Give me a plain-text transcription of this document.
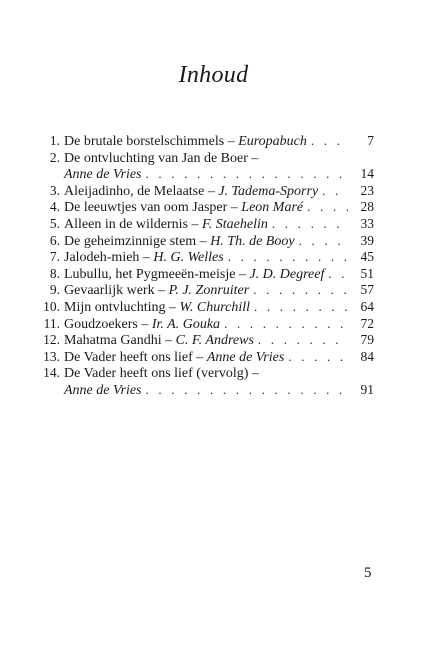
Inhoud
1. De brutale borstelschimmels –
Europabuch . . .	7
2. De ontvluchting van Jan de Boer –
Anne de Vries . . .	14
3. Aleijadinho, de Melaatse –
J. Tadema-Sporry . . .	23
4. De leeuwtjes van oom Jasper –
Leon Maré . . .	28
5. Alleen in de wildernis –
F. Staehelin . . .	33
6. De geheimzinnige stem –
H. Th. de Booy . . .	39
7. Jalodeh-mieh –
H. G. Welles . . .	45
8. Lubullu, het Pygmeeën-meisje –
J. D. Degreef . . .	51
9. Gevaarlijk werk –
P. J. Zonruiter . . .	57
10. Mijn ontvluchting –
W. Churchill . . .	64
11. Goudzoekers –
Ir. A. Gouka . . .	72
12. Mahatma Gandhi –
C. F. Andrews . . .	79
13. De Vader heeft ons lief –
Anne de Vries . . .	84
14. De Vader heeft ons lief (vervolg) –
Anne de Vries . . .	91
5
